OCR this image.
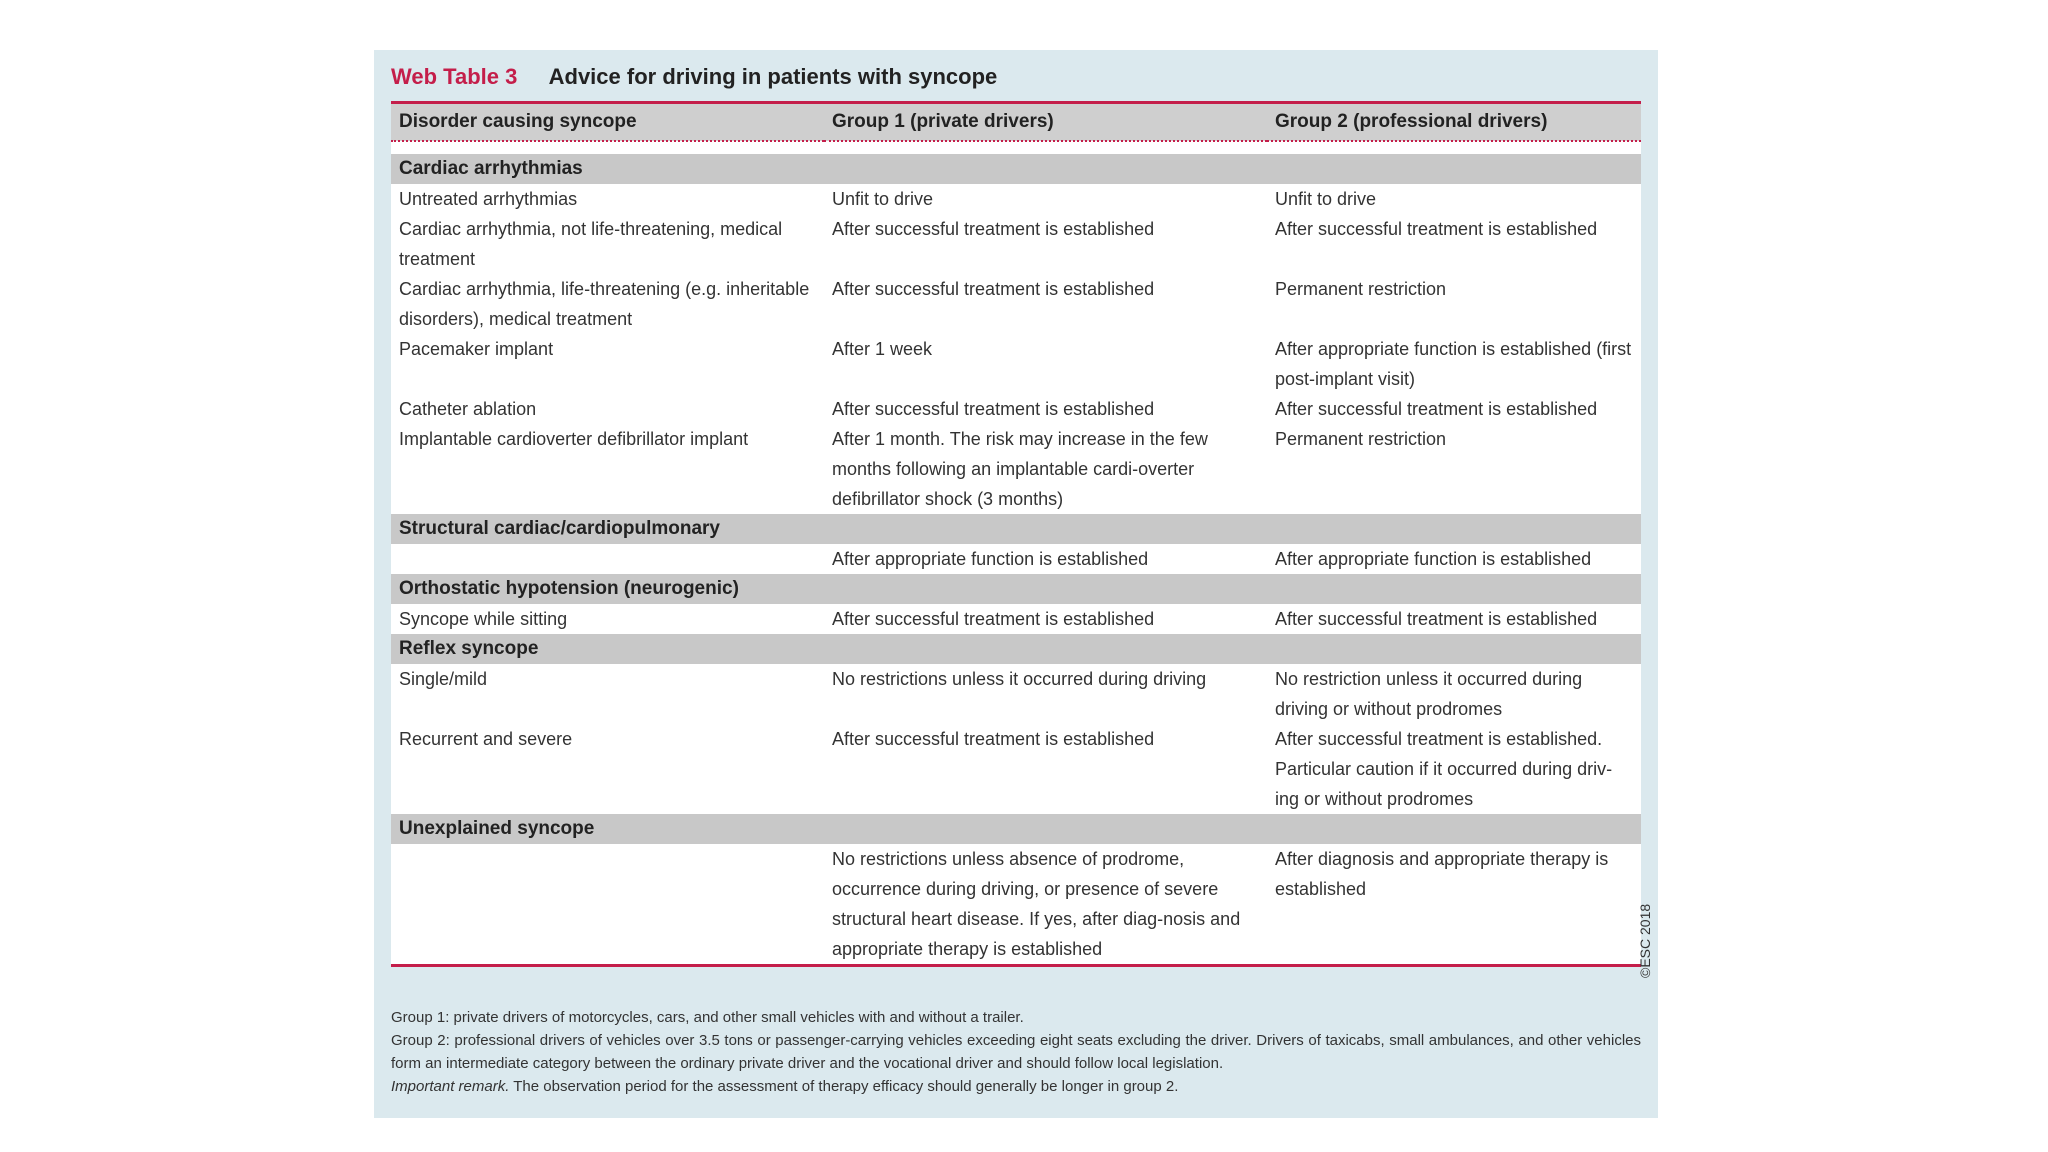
Web Table 3 Advice for driving in patients with syncope
Disorder causing syncope	Group 1 (private drivers)	Group 2 (professional drivers)

Cardiac arrhythmias		
Untreated arrhythmias	Unfit to drive	Unfit to drive
Cardiac arrhythmia, not life-threatening, medical treatment	After successful treatment is established	After successful treatment is established
Cardiac arrhythmia, life-threatening (e.g. inheritable disorders), medical treatment	After successful treatment is established	Permanent restriction
Pacemaker implant	After 1 week	After appropriate function is established (first post-implant visit)
Catheter ablation	After successful treatment is established	After successful treatment is established
Implantable cardioverter defibrillator implant	After 1 month. The risk may increase in the few months following an implantable cardi-overter defibrillator shock (3 months)	Permanent restriction
Structural cardiac/cardiopulmonary		
	After appropriate function is established	After appropriate function is established
Orthostatic hypotension (neurogenic)		
Syncope while sitting	After successful treatment is established	After successful treatment is established
Reflex syncope		
Single/mild	No restrictions unless it occurred during driving	No restriction unless it occurred during driving or without prodromes
Recurrent and severe	After successful treatment is established	After successful treatment is established. Particular caution if it occurred during driv-ing or without prodromes
Unexplained syncope		
	No restrictions unless absence of prodrome, occurrence during driving, or presence of severe structural heart disease. If yes, after diag-nosis and appropriate therapy is established	After diagnosis and appropriate therapy is established

Group 1: private drivers of motorcycles, cars, and other small vehicles with and without a trailer.

Group 2: professional drivers of vehicles over 3.5 tons or passenger-carrying vehicles exceeding eight seats excluding the driver. Drivers of taxicabs, small ambulances, and other vehicles form an intermediate category between the ordinary private driver and the vocational driver and should follow local legislation.

Important remark. The observation period for the assessment of therapy efficacy should generally be longer in group 2.

©ESC 2018
